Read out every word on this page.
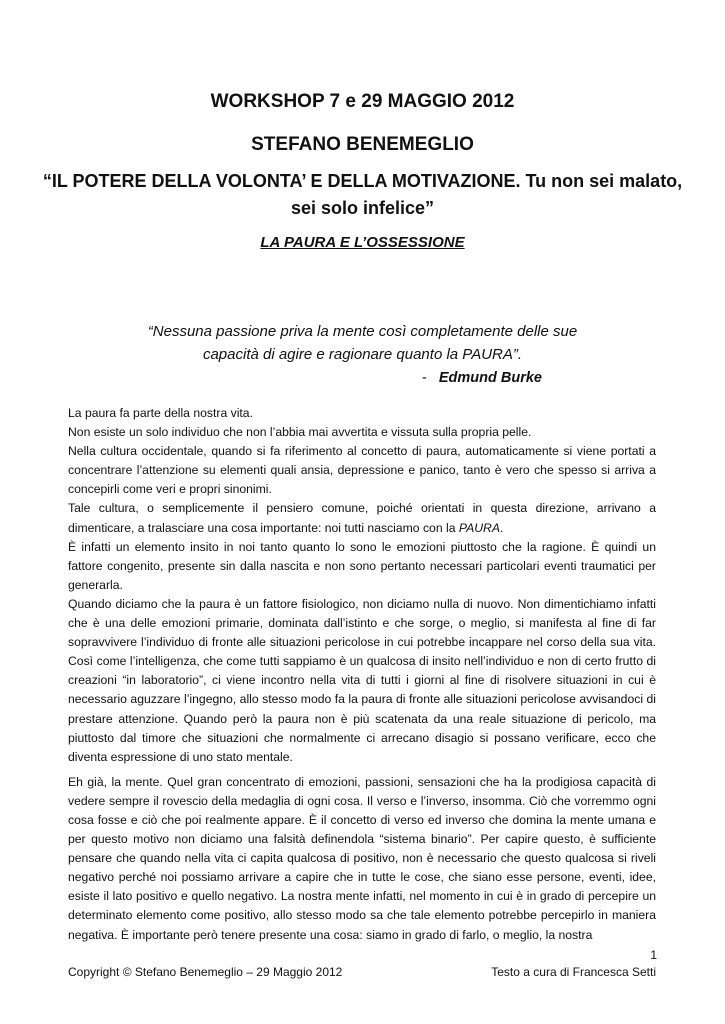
WORKSHOP 7 e 29 MAGGIO 2012
STEFANO BENEMEGLIO
“IL POTERE DELLA VOLONTA’ E DELLA MOTIVAZIONE. Tu non sei malato, sei solo infelice”
LA PAURA E L’OSSESSIONE
“Nessuna passione priva la mente così completamente delle sue capacità di agire e ragionare quanto la PAURA”.
- Edmund Burke

La paura fa parte della nostra vita.

Non esiste un solo individuo che non l’abbia mai avvertita e vissuta sulla propria pelle.

Nella cultura occidentale, quando si fa riferimento al concetto di paura, automaticamente si viene portati a concentrare l’attenzione su elementi quali ansia, depressione e panico, tanto è vero che spesso si arriva a concepirli come veri e propri sinonimi.

Tale cultura, o semplicemente il pensiero comune, poiché orientati in questa direzione, arrivano a dimenticare, a tralasciare una cosa importante: noi tutti nasciamo con la PAURA.

È infatti un elemento insito in noi tanto quanto lo sono le emozioni piuttosto che la ragione. È quindi un fattore congenito, presente sin dalla nascita e non sono pertanto necessari particolari eventi traumatici per generarla.

Quando diciamo che la paura è un fattore fisiologico, non diciamo nulla di nuovo. Non dimentichiamo infatti che è una delle emozioni primarie, dominata dall’istinto e che sorge, o meglio, si manifesta al fine di far sopravvivere l’individuo di fronte alle situazioni pericolose in cui potrebbe incappare nel corso della sua vita. Così come l’intelligenza, che come tutti sappiamo è un qualcosa di insito nell’individuo e non di certo frutto di creazioni “in laboratorio”, ci viene incontro nella vita di tutti i giorni al fine di risolvere situazioni in cui è necessario aguzzare l’ingegno, allo stesso modo fa la paura di fronte alle situazioni pericolose avvisandoci di prestare attenzione. Quando però la paura non è più scatenata da una reale situazione di pericolo, ma piuttosto dal timore che situazioni che normalmente ci arrecano disagio si possano verificare, ecco che diventa espressione di uno stato mentale.

Eh già, la mente. Quel gran concentrato di emozioni, passioni, sensazioni che ha la prodigiosa capacità di vedere sempre il rovescio della medaglia di ogni cosa. Il verso e l’inverso, insomma. Ciò che vorremmo ogni cosa fosse e ciò che poi realmente appare. È il concetto di verso ed inverso che domina la mente umana e per questo motivo non diciamo una falsità definendola “sistema binario”. Per capire questo, è sufficiente pensare che quando nella vita ci capita qualcosa di positivo, non è necessario che questo qualcosa si riveli negativo perché noi possiamo arrivare a capire che in tutte le cose, che siano esse persone, eventi, idee, esiste il lato positivo e quello negativo. La nostra mente infatti, nel momento in cui è in grado di percepire un determinato elemento come positivo, allo stesso modo sa che tale elemento potrebbe percepirlo in maniera negativa. È importante però tenere presente una cosa: siamo in grado di farlo, o meglio, la nostra

1
Copyright © Stefano Benemeglio – 29 Maggio 2012	Testo a cura di Francesca Setti
